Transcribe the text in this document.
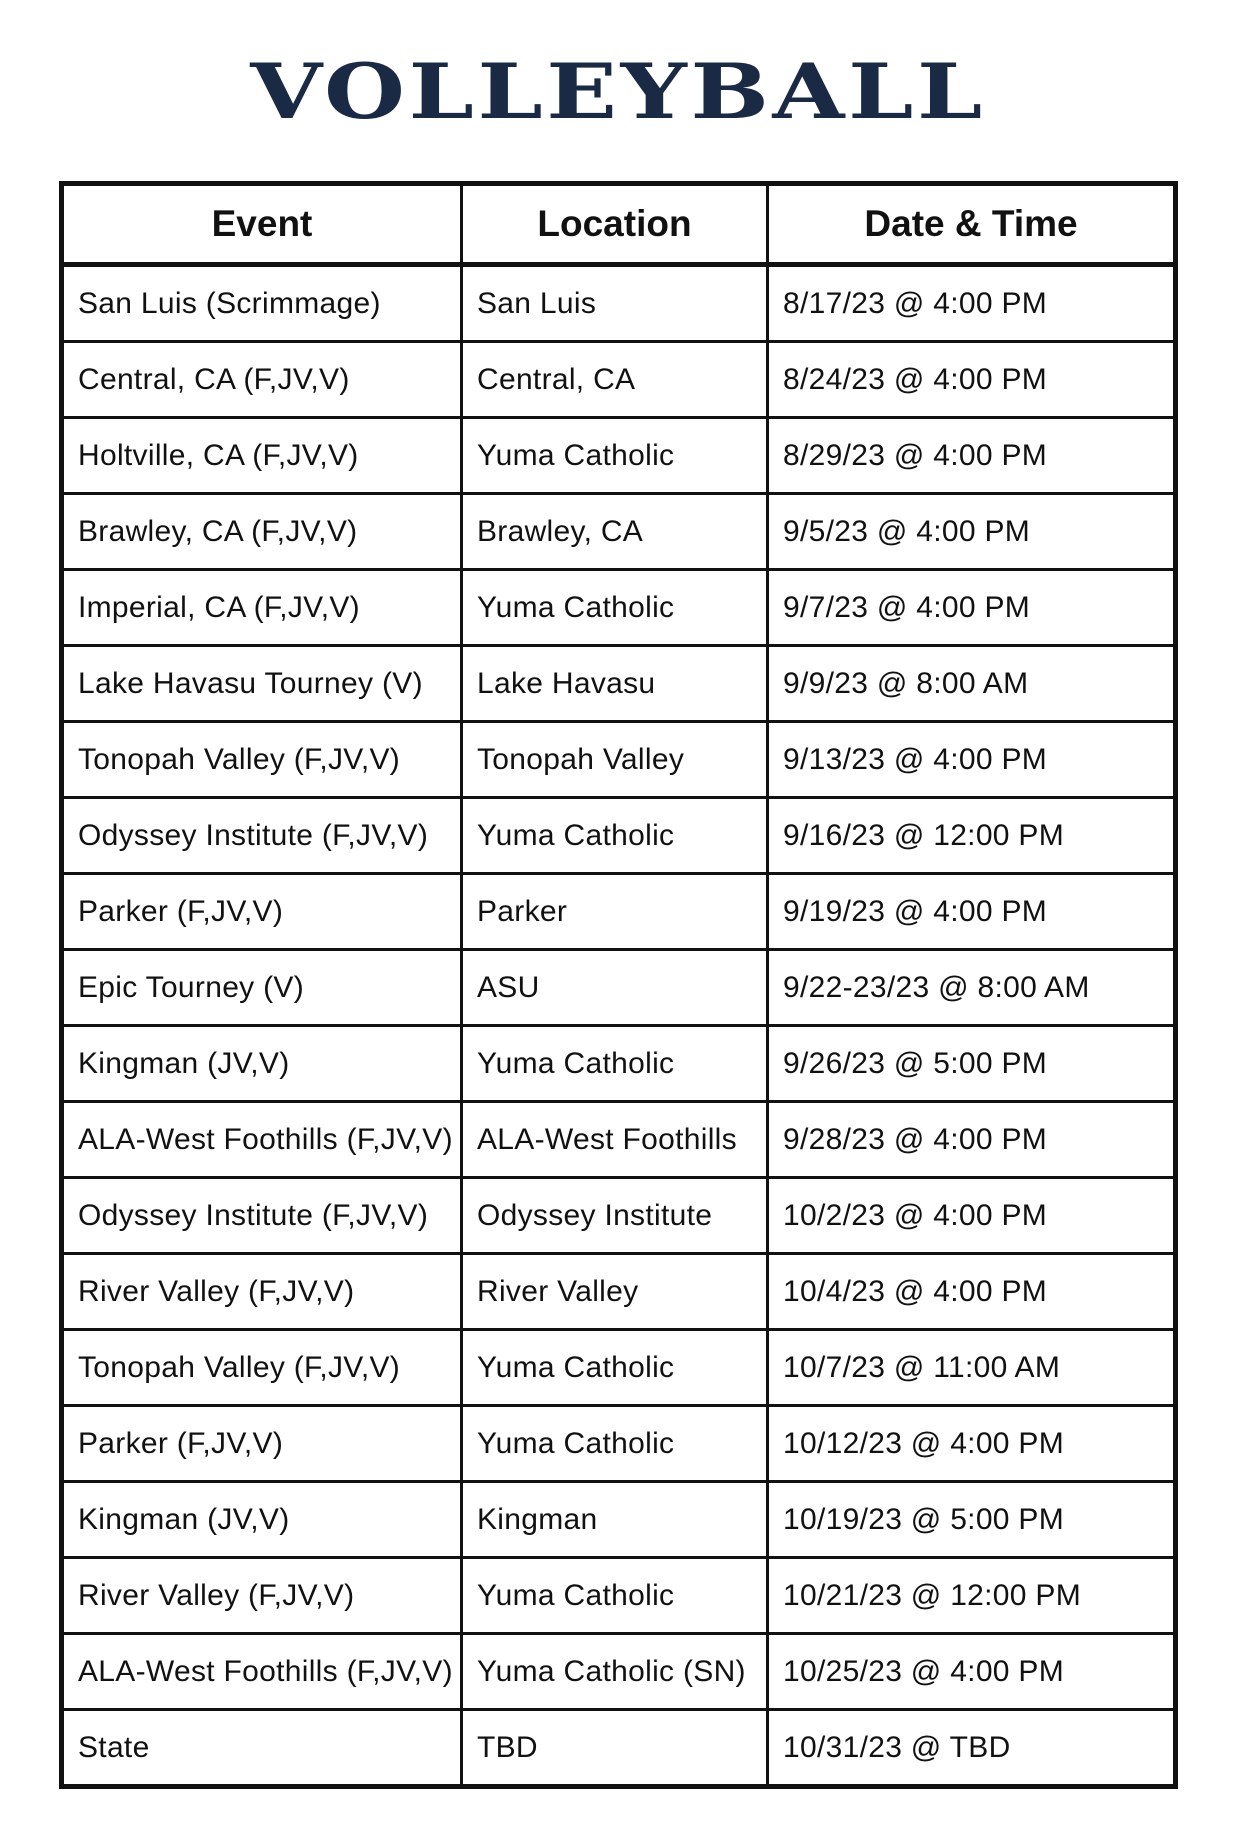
VOLLEYBALL
Event	Location	Date & Time
San Luis (Scrimmage)	San Luis	8/17/23 @ 4:00 PM
Central, CA (F,JV,V)	Central, CA	8/24/23 @ 4:00 PM
Holtville, CA (F,JV,V)	Yuma Catholic	8/29/23 @ 4:00 PM
Brawley, CA (F,JV,V)	Brawley, CA	9/5/23 @ 4:00 PM
Imperial, CA (F,JV,V)	Yuma Catholic	9/7/23 @ 4:00 PM
Lake Havasu Tourney (V)	Lake Havasu	9/9/23 @ 8:00 AM
Tonopah Valley (F,JV,V)	Tonopah Valley	9/13/23 @ 4:00 PM
Odyssey Institute (F,JV,V)	Yuma Catholic	9/16/23 @ 12:00 PM
Parker (F,JV,V)	Parker	9/19/23 @ 4:00 PM
Epic Tourney (V)	ASU	9/22-23/23 @ 8:00 AM
Kingman (JV,V)	Yuma Catholic	9/26/23 @ 5:00 PM
ALA-West Foothills (F,JV,V)	ALA-West Foothills	9/28/23 @ 4:00 PM
Odyssey Institute (F,JV,V)	Odyssey Institute	10/2/23 @ 4:00 PM
River Valley (F,JV,V)	River Valley	10/4/23 @ 4:00 PM
Tonopah Valley (F,JV,V)	Yuma Catholic	10/7/23 @ 11:00 AM
Parker (F,JV,V)	Yuma Catholic	10/12/23 @ 4:00 PM
Kingman (JV,V)	Kingman	10/19/23 @ 5:00 PM
River Valley (F,JV,V)	Yuma Catholic	10/21/23 @ 12:00 PM
ALA-West Foothills (F,JV,V)	Yuma Catholic (SN)	10/25/23 @ 4:00 PM
State	TBD	10/31/23 @ TBD
